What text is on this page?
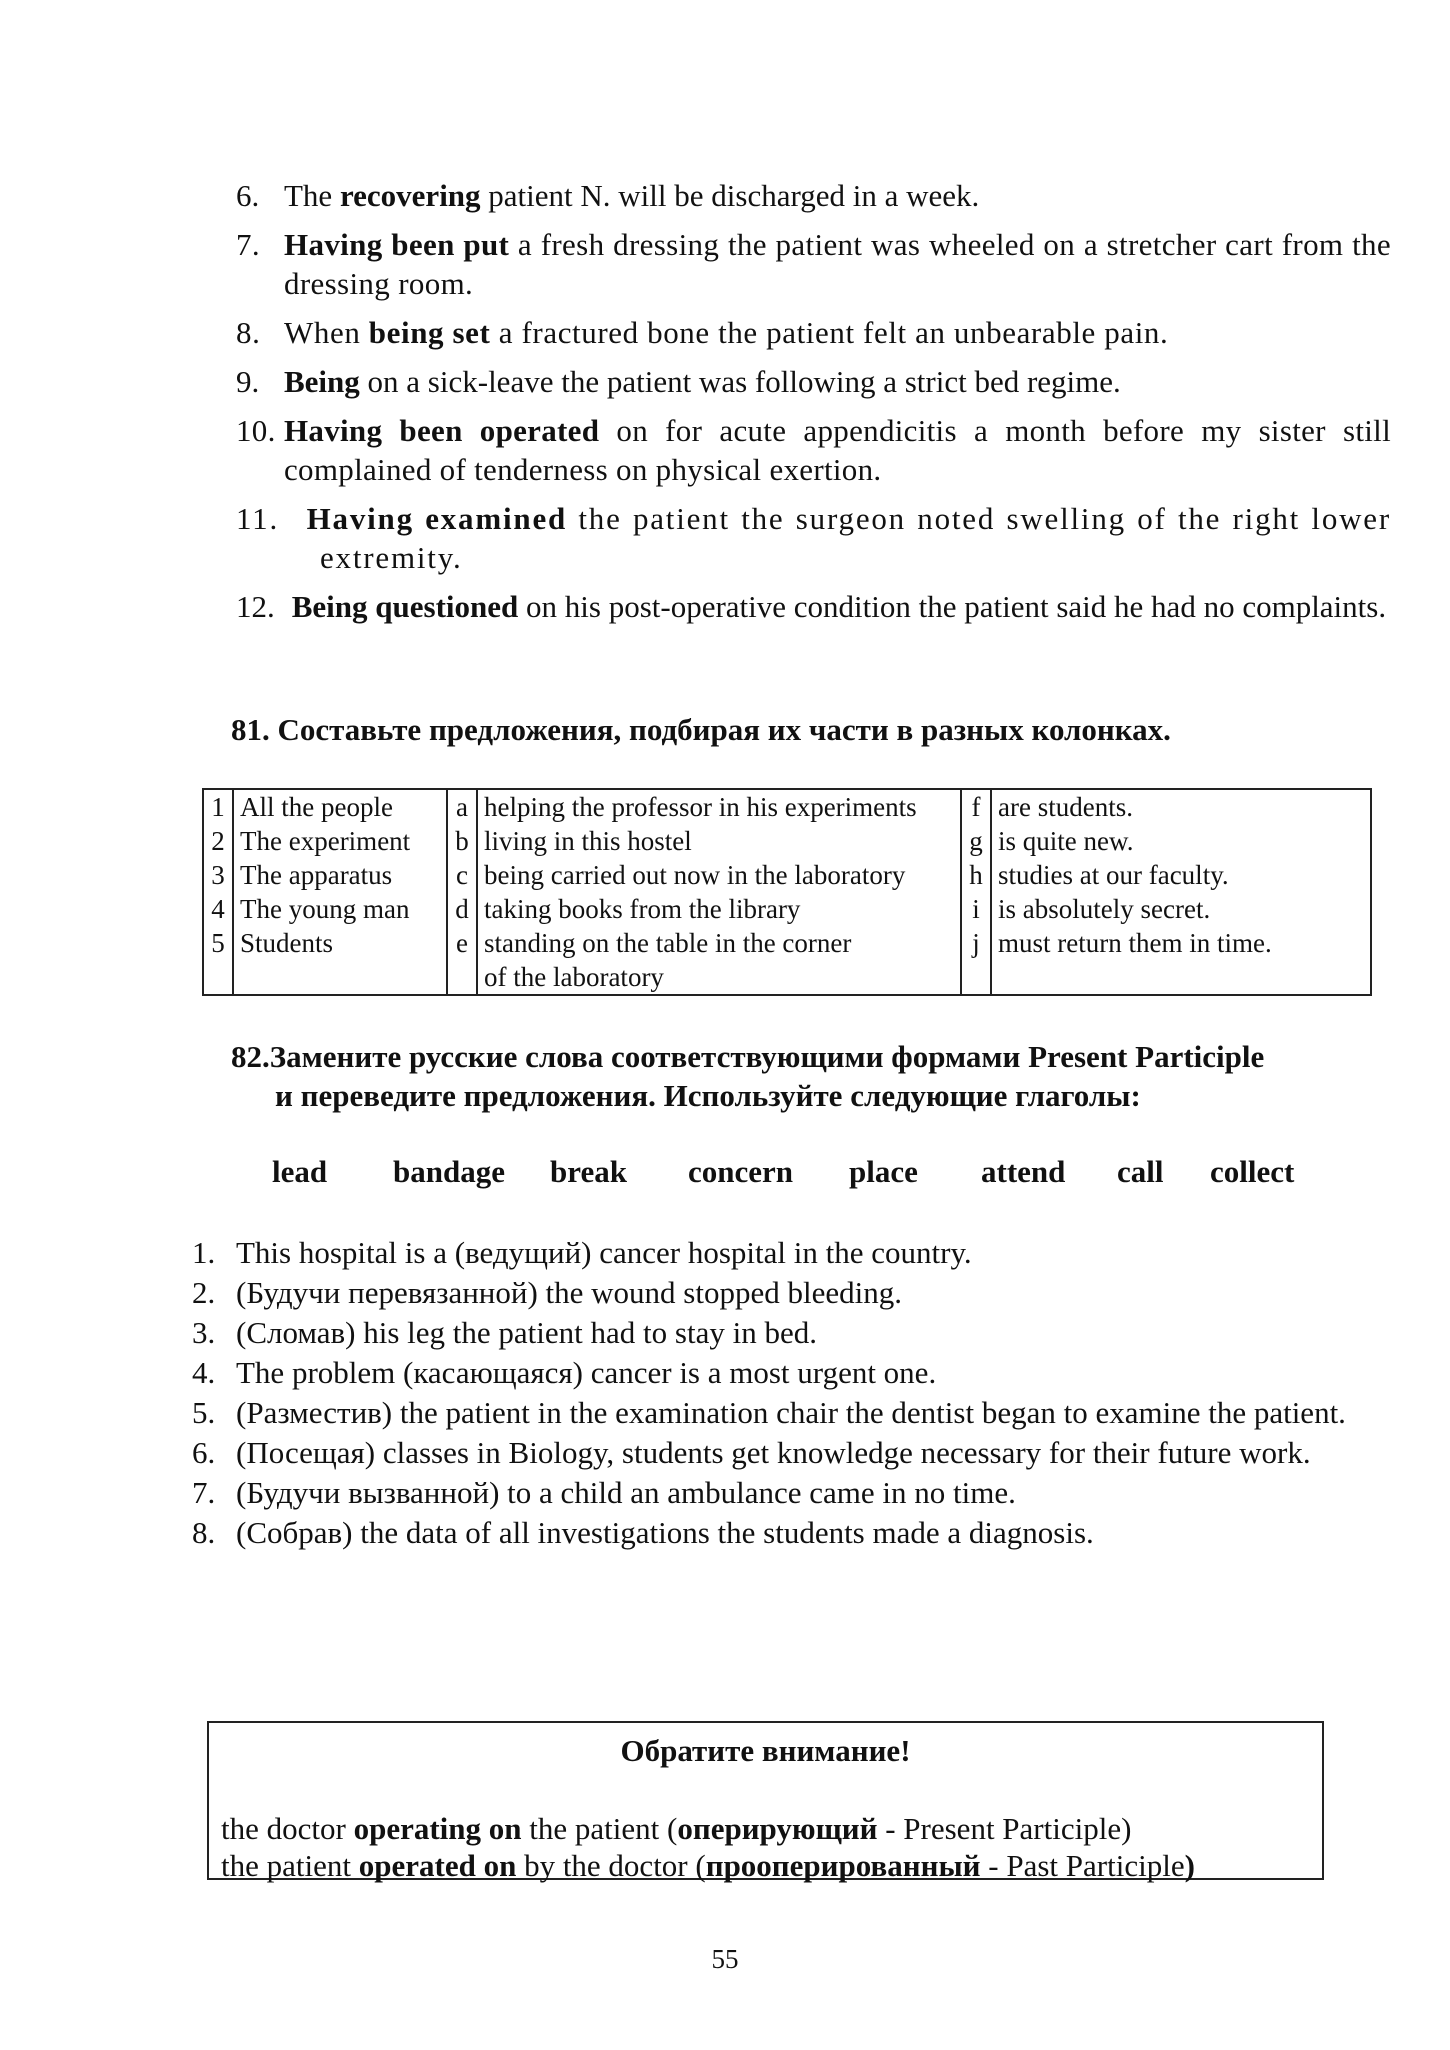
6. The recovering patient N. will be discharged in a week.
7. Having been put a fresh dressing the patient was wheeled on a stretcher cart from the dressing room.
8. When being set a fractured bone the patient felt an unbearable pain.
9. Being on a sick-leave the patient was following a strict bed regime.
10. Having been operated on for acute appendicitis a month before my sister still complained of tenderness on physical exertion.
11. ​  Having examined the patient the surgeon noted swelling of the right lower extremity.
12. Being questioned on his post-operative condition the patient said he had no complaints.
81. Составьте предложения, подбирая их части в разных колонках.
1	All the people	a	helping the professor in his experiments	f	are students.
2	The experiment	b	living in this hostel	g	is quite new.
3	The apparatus	c	being carried out now in the laboratory	h	studies at our faculty.
4	The young man	d	taking books from the library	i	is absolutely secret.
5	Students	e	standing on the table in the corner	j	must return them in time.
			of the laboratory		
82.Замените русские слова соответствующими формами Present Participle
и переведите предложения. Используйте следующие глаголы:
lead bandage break concern place attend call collect
1. This hospital is a (ведущий) cancer hospital in the country.
2. (Будучи перевязанной) the wound stopped bleeding.
3. (Сломав) his leg the patient had to stay in bed.
4. The problem (касающаяся) cancer is a most urgent one.
5. (Разместив) the patient in the examination chair the dentist began to examine the patient.
6. (Посещая) classes in Biology, students get knowledge necessary for their future work.
7. (Будучи вызванной) to a child an ambulance came in no time.
8. (Собрав) the data of all investigations the students made a diagnosis.
Обратите внимание!
the doctor operating on the patient (оперирующий - Present Participle)
the patient operated on by the doctor (прооперированный - Past Participle)
55
